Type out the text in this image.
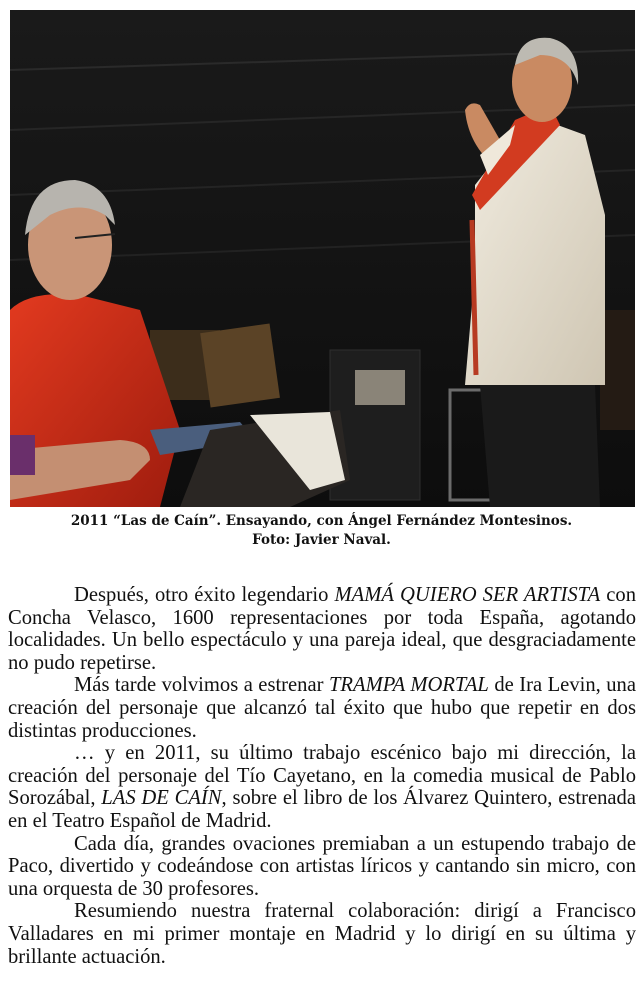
2011 “Las de Caín”. Ensayando, con Ángel Fernández Montesinos.
Foto: Javier Naval.

Después, otro éxito legendario MAMÁ QUIERO SER ARTISTA con Concha Velasco, 1600 representaciones por toda España, agotando localidades. Un bello espectáculo y una pareja ideal, que desgraciadamente no pudo repetirse.

Más tarde volvimos a estrenar TRAMPA MORTAL de Ira Levin, una creación del personaje que alcanzó tal éxito que hubo que repetir en dos distintas producciones.

… y en 2011, su último trabajo escénico bajo mi dirección, la creación del personaje del Tío Cayetano, en la comedia musical de Pablo Sorozábal, LAS DE CAÍN, sobre el libro de los Álvarez Quintero, estrenada en el Teatro Español de Madrid.

Cada día, grandes ovaciones premiaban a un estupendo trabajo de Paco, divertido y codeándose con artistas líricos y cantando sin micro, con una orquesta de 30 profesores.

Resumiendo nuestra fraternal colaboración: dirigí a Francisco Valladares en mi primer montaje en Madrid y lo dirigí en su última y brillante actuación.
